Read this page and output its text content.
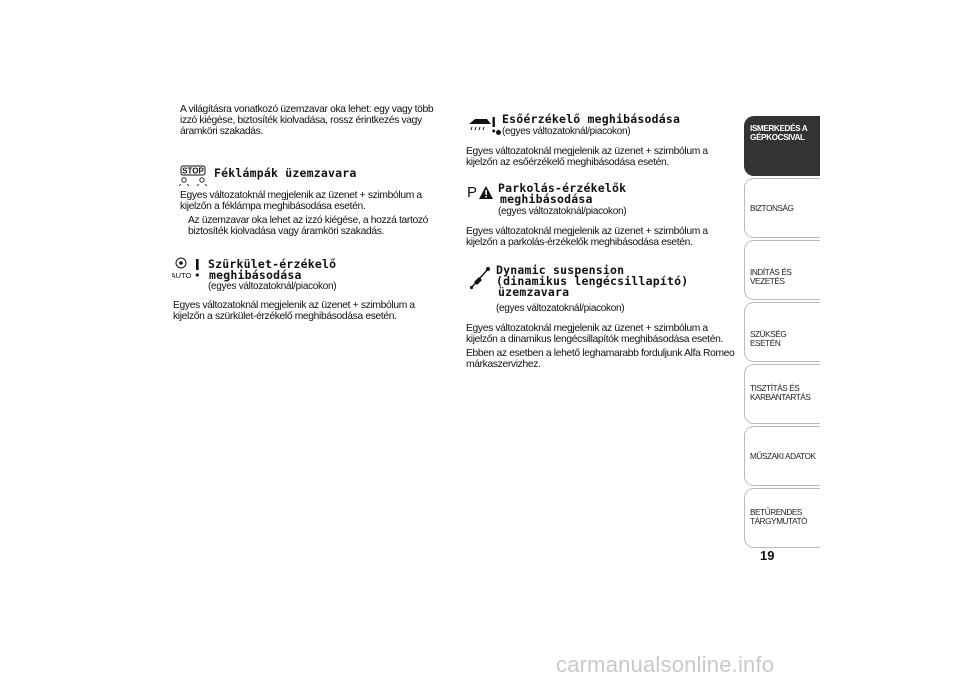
A világításra vonatkozó üzemzavar oka lehet: egy vagy több izzó kiégése, biztosíték kiolvadása, rossz érintkezés vagy áramköri szakadás.

STOP Féklámpák üzemzavara

Egyes változatoknál megjelenik az üzenet + szimbólum a kijelzőn a féklámpa meghibásodása esetén.

Az üzemzavar oka lehet az izzó kiégése, a hozzá tartozó biztosíték kiolvadása vagy áramköri szakadás.

AUTO
Szürkület-érzékelő
meghibásodása
(egyes változatoknál/piacokon)

Egyes változatoknál megjelenik az üzenet + szimbólum a kijelzőn a szürkület-érzékelő meghibásodása esetén.

Esőérzékelő meghibásodása
(egyes változatoknál/piacokon)

Egyes változatoknál megjelenik az üzenet + szimbólum a kijelzőn az esőérzékelő meghibásodása esetén.

P Parkolás-érzékelők
meghibásodása
(egyes változatoknál/piacokon)

Egyes változatoknál megjelenik az üzenet + szimbólum a kijelzőn a parkolás-érzékelők meghibásodása esetén.

Dynamic suspension
(dinamikus lengécsillapító)
üzemzavara
(egyes változatoknál/piacokon)

Egyes változatoknál megjelenik az üzenet + szimbólum a kijelzőn a dinamikus lengécsillapítók meghibásodása esetén.

Ebben az esetben a lehető leghamarabb forduljunk Alfa Romeo márkaszervizhez.

ISMERKEDÉS A GÉPKOCSIVAL
BIZTONSÁG
INDÍTÁS ÉS VEZETÉS
SZÜKSÉG ESETÉN
TISZTÍTÁS ÉS KARBANTARTÁS
MŰSZAKI ADATOK
BETŰRENDES TÁRGYMUTATÓ
19
carmanualsonline.info
